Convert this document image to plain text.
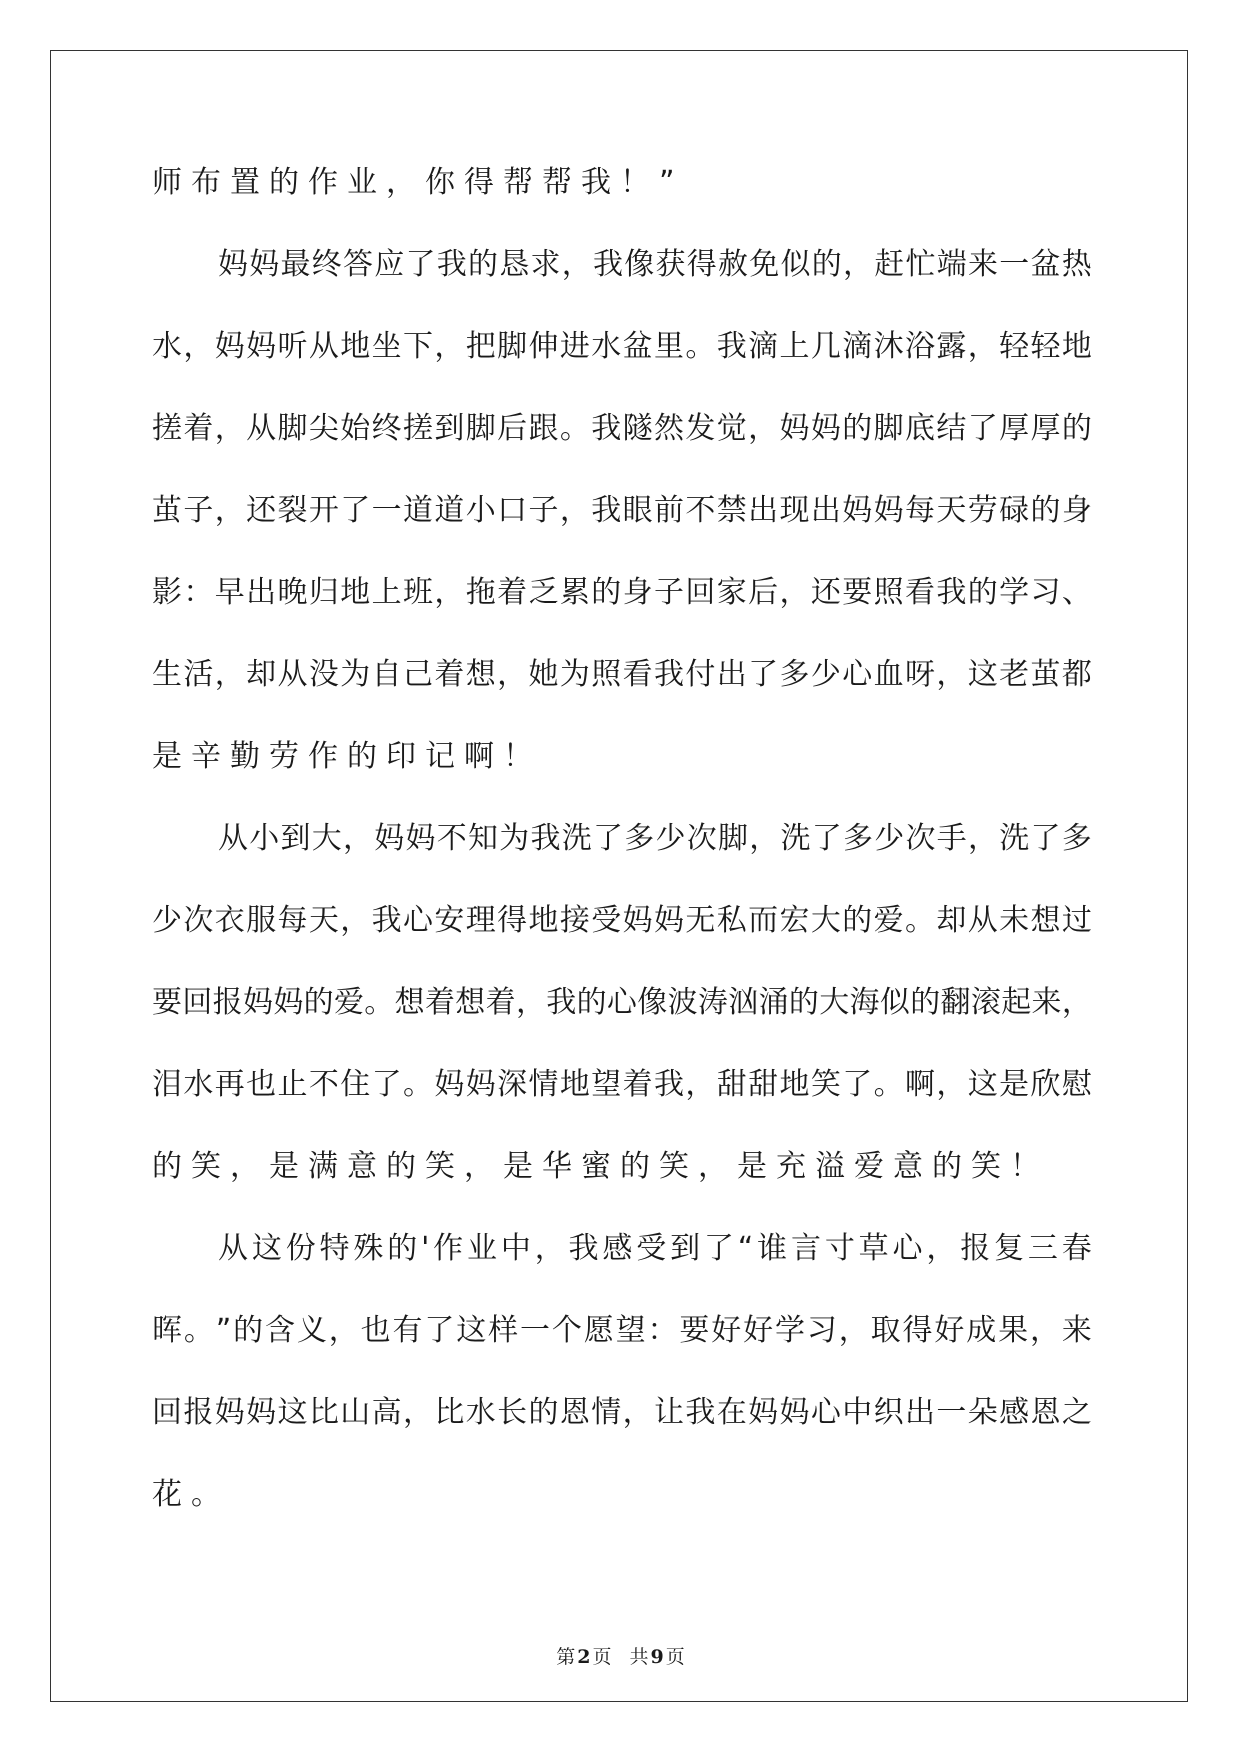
师布置的作业，你得帮帮我！”
妈 妈 最 终 答 应 了 我 的 恳 求 ， 我 像 获 得 赦 免 似 的 ， 赶 忙 端 来 一 盆 热
水 ， 妈 妈 听 从 地 坐 下 ， 把 脚 伸 进 水 盆 里 。 我 滴 上 几 滴 沐 浴 露 ， 轻 轻 地
搓 着 ， 从 脚 尖 始 终 搓 到 脚 后 跟 。 我 隧 然 发 觉 ， 妈 妈 的 脚 底 结 了 厚 厚 的
茧 子 ， 还 裂 开 了 一 道 道 小 口 子 ， 我 眼 前 不 禁 出 现 出 妈 妈 每 天 劳 碌 的 身
影 ： 早 出 晚 归 地 上 班 ， 拖 着 乏 累 的 身 子 回 家 后 ， 还 要 照 看 我 的 学 习 、
生 活 ， 却 从 没 为 自 己 着 想 ， 她 为 照 看 我 付 出 了 多 少 心 血 呀 ， 这 老 茧 都
是辛勤劳作的印记啊！
从 小 到 大 ， 妈 妈 不 知 为 我 洗 了 多 少 次 脚 ， 洗 了 多 少 次 手 ， 洗 了 多
少 次 衣 服 每 天 ， 我 心 安 理 得 地 接 受 妈 妈 无 私 而 宏 大 的 爱 。 却 从 未 想 过
要 回 报 妈 妈 的 爱 。 想 着 想 着 ， 我 的 心 像 波 涛 汹 涌 的 大 海 似 的 翻 滚 起 来 ，
泪 水 再 也 止 不 住 了 。 妈 妈 深 情 地 望 着 我 ， 甜 甜 地 笑 了 。 啊 ， 这 是 欣 慰
的笑，是满意的笑，是华蜜的笑，是充溢爱意的笑！
从 这 份 特 殊 的 ' 作 业 中 ， 我 感 受 到 了 “ 谁 言 寸 草 心 ， 报 复 三 春
晖 。 ” 的 含 义 ， 也 有 了 这 样 一 个 愿 望 ： 要 好 好 学 习 ， 取 得 好 成 果 ， 来
回 报 妈 妈 这 比 山 高 ， 比 水 长 的 恩 情 ， 让 我 在 妈 妈 心 中 织 出 一 朵 感 恩 之
花。
第 2 页 共 9 页
